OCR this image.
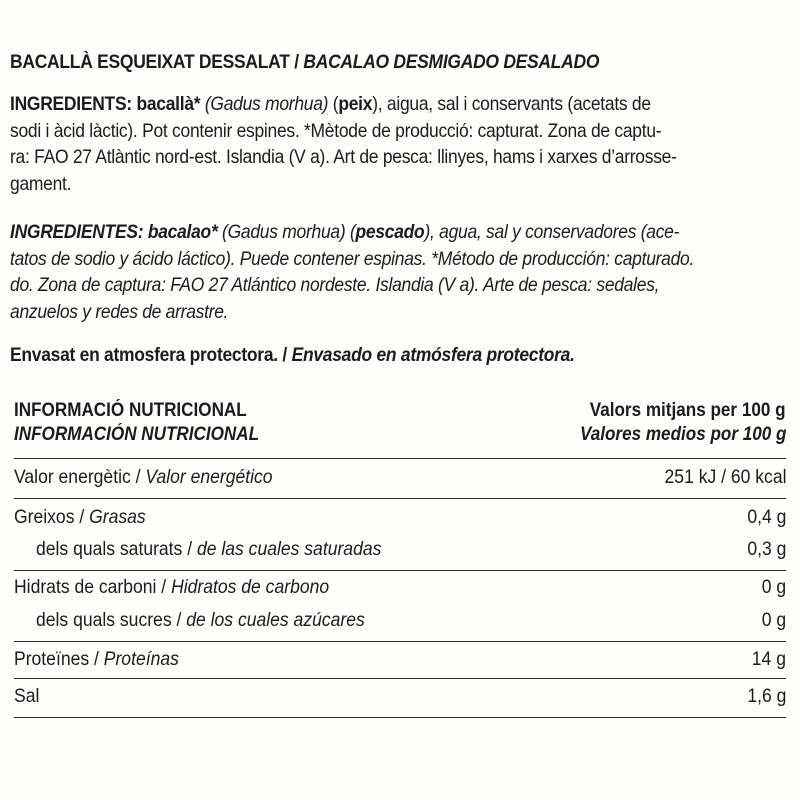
BACALLÀ ESQUEIXAT DESSALAT / BACALAO DESMIGADO DESALADO
INGREDIENTS: bacallà* (Gadus morhua) (peix), aigua, sal i conservants (acetats de
sodi i àcid làctic). Pot contenir espines. *Mètode de producció: capturat. Zona de captu-
ra: FAO 27 Atlàntic nord-est. Islandia (V a). Art de pesca: llinyes, hams i xarxes d’arrosse-
gament.
INGREDIENTES: bacalao* (Gadus morhua) (pescado), agua, sal y conservadores (ace-
tatos de sodio y ácido láctico). Puede contener espinas. *Método de producción: capturado.
do. Zona de captura: FAO 27 Atlántico nordeste. Islandia (V a). Arte de pesca: sedales,
anzuelos y redes de arrastre.
Envasat en atmosfera protectora. / Envasado en atmósfera protectora.
INFORMACIÓ NUTRICIONAL
INFORMACIÓN NUTRICIONAL
Valors mitjans per 100 g
Valores medios por 100 g
Valor energètic / Valor energético	251 kJ / 60 kcal
Greixos / Grasas	0,4 g
dels quals saturats / de las cuales saturadas	0,3 g
Hidrats de carboni / Hidratos de carbono	0 g
dels quals sucres / de los cuales azúcares	0 g
Proteïnes / Proteínas	14 g
Sal	1,6 g
